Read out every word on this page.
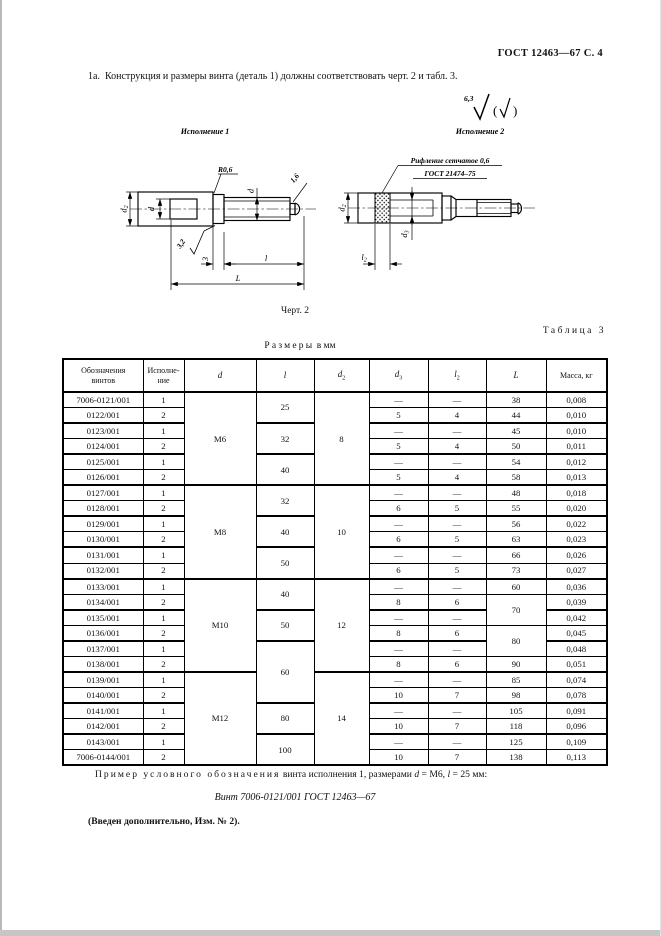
ГОСТ 12463—67 С. 4
1а.  Конструкция и размеры винта (деталь 1) должны соответствовать черт. 2 и табл. 3.
6,3
( )
Исполнение 1	Исполнение 2
R0,6
1,6
3,2
d2 d
d
3	l
L
Рифление сетчатое 0,6
ГОСТ 21474–75
d2
d3
l2
Черт. 2
Таблица 3
Размеры в мм
Обозначения
винтов	Исполне-
ние	d	l	$d_2$	$d_3$	$l_2$	L	Масса, кг
7006-0121/001	1	М6	25	8	—	—	38	0,008
0122/001	2				5	4	44	0,010
0123/001	1		32		—	—	45	0,010
0124/001	2				5	4	50	0,011
0125/001	1		40		—	—	54	0,012
0126/001	2				5	4	58	0,013
0127/001	1	М8	32	10	—	—	48	0,018
0128/001	2				6	5	55	0,020
0129/001	1		40		—	—	56	0,022
0130/001	2				6	5	63	0,023
0131/001	1		50		—	—	66	0,026
0132/001	2				6	5	73	0,027
0133/001	1	М10	40	12	—	—	60	0,036
0134/001	2				8	6	70	0,039
0135/001	1		50		—	—		0,042
0136/001	2				8	6	80	0,045
0137/001	1		60		—	—		0,048
0138/001	2				8	6	90	0,051
0139/001	1	М12		14	—	—	85	0,074
0140/001	2				10	7	98	0,078
0141/001	1		80		—	—	105	0,091
0142/001	2				10	7	118	0,096
0143/001	1		100		—	—	125	0,109
7006-0144/001	2				10	7	138	0,113
Пример условного обозначения винта исполнения 1, размерами d = М6, l = 25 мм:
Винт 7006-0121/001 ГОСТ 12463—67
(Введен дополнительно, Изм. № 2).
